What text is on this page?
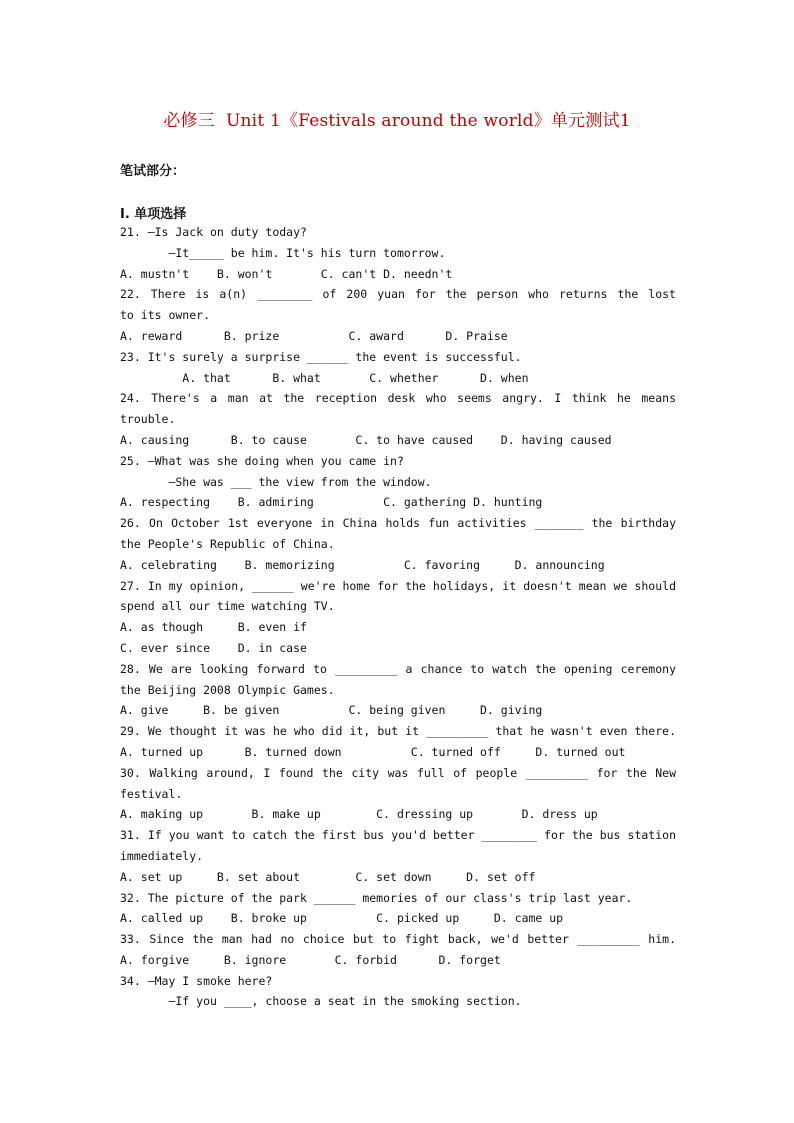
必修三  Unit 1《Festivals around the world》单元测试1
笔试部分：
I. 单项选择
21. —Is Jack on duty today?
—It_____ be him. It's his turn tomorrow.
A. mustn't    B. won't       C. can't D. needn't
22. There is a(n) ________ of 200 yuan for the person who returns the lost
to its owner.
A. reward      B. prize          C. award      D. Praise
23. It's surely a surprise ______ the event is successful.
A. that      B. what       C. whether      D. when
24. There's a man at the reception desk who seems angry. I think he means
trouble.
A. causing      B. to cause       C. to have caused    D. having caused
25. —What was she doing when you came in?
—She was ___ the view from the window.
A. respecting    B. admiring          C. gathering D. hunting
26. On October 1st everyone in China holds fun activities _______ the birthday
the People's Republic of China.
A. celebrating    B. memorizing          C. favoring     D. announcing
27. In my opinion, ______ we're home for the holidays, it doesn't mean we should
spend all our time watching TV.
A. as though     B. even if
C. ever since    D. in case
28. We are looking forward to _________ a chance to watch the opening ceremony
the Beijing 2008 Olympic Games.
A. give     B. be given          C. being given     D. giving
29. We thought it was he who did it, but it _________ that he wasn't even there.
A. turned up      B. turned down          C. turned off     D. turned out
30. Walking around, I found the city was full of people _________ for the New
festival.
A. making up       B. make up        C. dressing up       D. dress up
31. If you want to catch the first bus you'd better ________ for the bus station
immediately.
A. set up     B. set about        C. set down     D. set off
32. The picture of the park ______ memories of our class's trip last year.
A. called up    B. broke up          C. picked up     D. came up
33. Since the man had no choice but to fight back, we'd better _________ him.
A. forgive     B. ignore       C. forbid      D. forget
34. —May I smoke here?
—If you ____, choose a seat in the smoking section.
